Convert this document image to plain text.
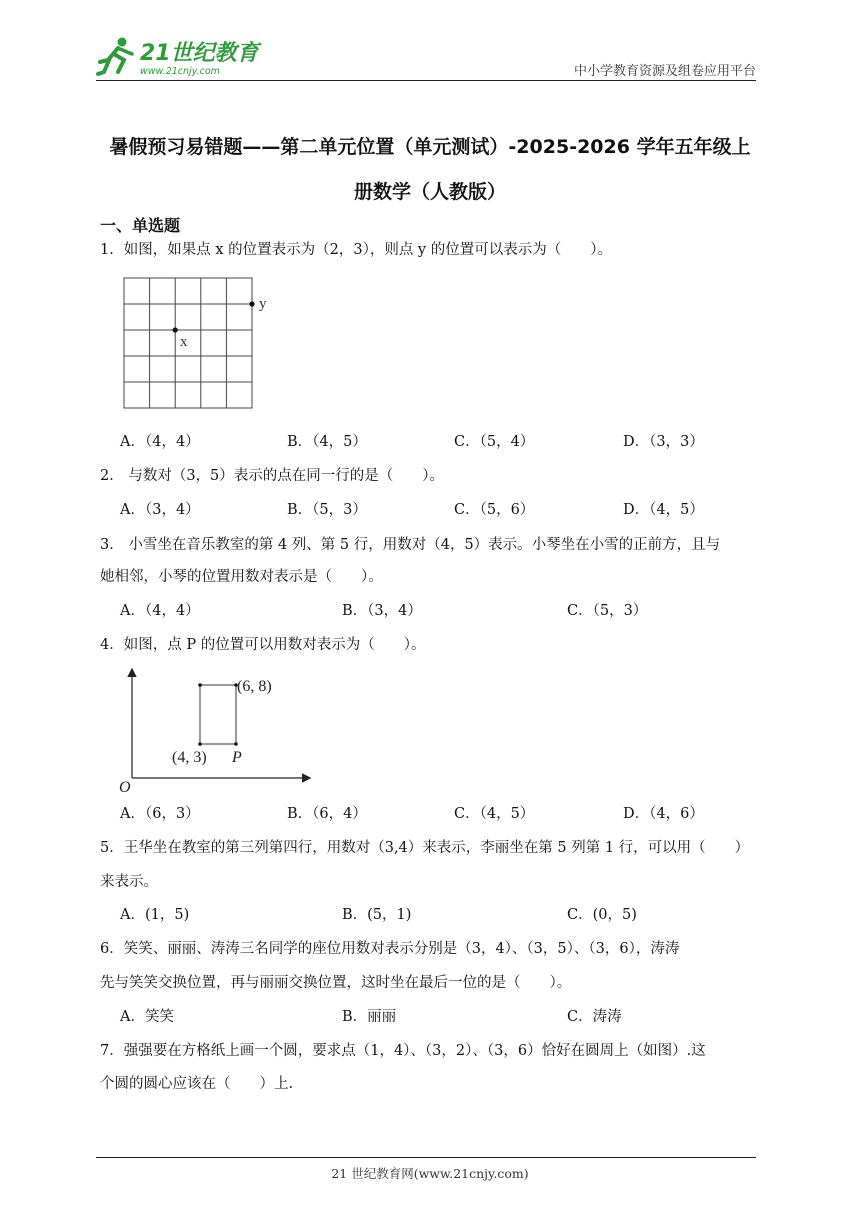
21世纪教育
www.21cnjy.com	中小学教育资源及组卷应用平台
暑假预习易错题——第二单元位置（单元测试）-2025-2026 学年五年级上
册数学（人教版）
一、单选题
1．如图，如果点 x 的位置表示为（2，3），则点 y 的位置可以表示为（　　）。
x
y
A．（4，4）	B．（4，5）	C．（5，4）	D．（3，3）
2． 与数对（3，5）表示的点在同一行的是（　　）。
A．（3，4）	B．（5，3）	C．（5，6）	D．（4，5）
3． 小雪坐在音乐教室的第 4 列、第 5 行，用数对（4，5）表示。小琴坐在小雪的正前方，且与
她相邻，小琴的位置用数对表示是（　　）。
A．（4，4）	B．（3，4）	C．（5，3）
4．如图，点 P 的位置可以用数对表示为（　　）。
(6, 8)
(4, 3) P
O
A．（6，3）	B．（6，4）	C．（4，5）	D．（4，6）
5．王华坐在教室的第三列第四行，用数对（3,4）来表示，李丽坐在第 5 列第 1 行，可以用（　　）
来表示。
A．(1，5)	B．(5，1)	C．(0，5)
6．笑笑、丽丽、涛涛三名同学的座位用数对表示分别是（3，4）、（3，5）、（3，6），涛涛
先与笑笑交换位置，再与丽丽交换位置，这时坐在最后一位的是（　　）。
A．笑笑	B．丽丽	C．涛涛
7．强强要在方格纸上画一个圆，要求点（1，4）、（3，2）、（3，6）恰好在圆周上（如图）.这
个圆的圆心应该在（　　）上.
21 世纪教育网(www.21cnjy.com)
